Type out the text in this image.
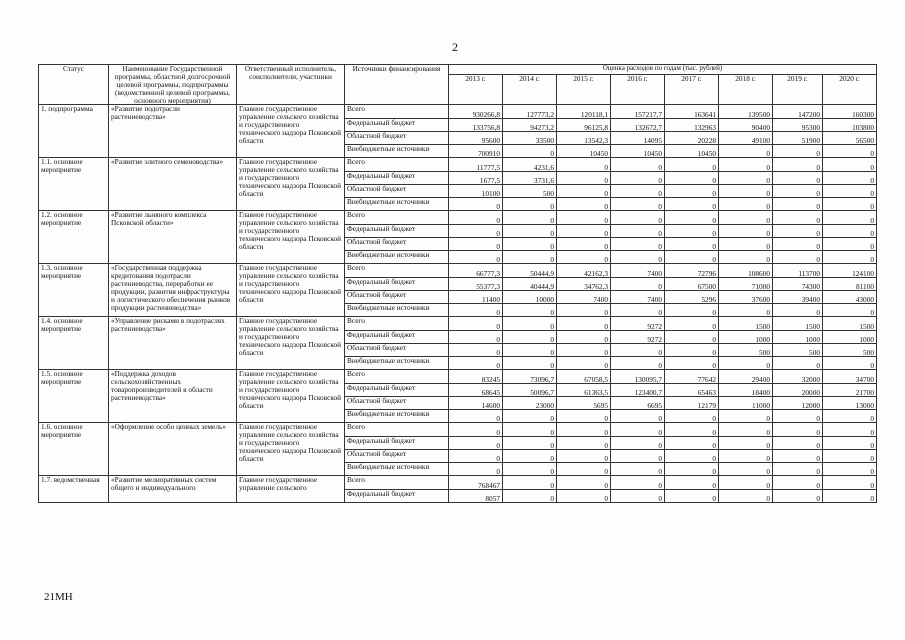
2
Статус	Наименование Государственной программы, областной долгосрочной целевой программы, подпрограммы (ведомственной целевой программы, основного мероприятия)	Ответственный исполнитель, соисполнители, участники	Источники финансирования	Оценка расходов по годам (тыс. рублей)							
				2013 г.	2014 г.	2015 г.	2016 г.	2017 г.	2018 г.	2019 г.	2020 г.
1. подпрограмма	«Развитие подотрасли растениеводства»	Главное государственное управление сельского хозяйства и государственного технического надзора Псковской области	Всего	930266,8	127773,2	120118,1	157217,7	163641	139500	147200	160300
			Федеральный бюджет	133756,8	94273,2	96125,8	132672,7	132963	90400	95300	103800
			Областной бюджет	95600	33500	13542,3	14095	20228	49100	51900	56500
			Внебюджетные источники	700910	0	10450	10450	10450	0	0	0
1.1. основное мероприятие	«Развитие элитного семеноводства»	Главное государственное управление сельского хозяйства и государственного технического надзора Псковской области	Всего	11777,5	4231,6	0	0	0	0	0	0
			Федеральный бюджет	1677,5	3731,6	0	0	0	0	0	0
			Областной бюджет	10100	500	0	0	0	0	0	0
			Внебюджетные источники	0	0	0	0	0	0	0	0
1.2. основное мероприятие	«Развитие льняного комплекса Псковской области»	Главное государственное управление сельского хозяйства и государственного технического надзора Псковской области	Всего	0	0	0	0	0	0	0	0
			Федеральный бюджет	0	0	0	0	0	0	0	0
			Областной бюджет	0	0	0	0	0	0	0	0
			Внебюджетные источники	0	0	0	0	0	0	0	0
1.3. основное мероприятие	«Государственная поддержка кредитования подотрасли растениеводства, переработки ее продукции, развития инфраструктуры и логистического обеспечения рынков продукции растениеводства»	Главное государственное управление сельского хозяйства и государственного технического надзора Псковской области	Всего	66777,3	50444,9	42162,3	7400	72796	108600	113700	124100
			Федеральный бюджет	55377,3	40444,9	34762,3	0	67500	71000	74300	81100
			Областной бюджет	11400	10000	7400	7400	5296	37600	39400	43000
			Внебюджетные источники	0	0	0	0	0	0	0	0
1.4. основное мероприятие	«Управление рисками в подотраслях растениеводства»	Главное государственное управление сельского хозяйства и государственного технического надзора Псковской области	Всего	0	0	0	9272	0	1500	1500	1500
			Федеральный бюджет	0	0	0	9272	0	1000	1000	1000
			Областной бюджет	0	0	0	0	0	500	500	500
			Внебюджетные источники	0	0	0	0	0	0	0	0
1.5. основное мероприятие	«Поддержка доходов сельскохозяйственных товаропроизводителей в области растениеводства»	Главное государственное управление сельского хозяйства и государственного технического надзора Псковской области	Всего	83245	73096,7	67058,5	130095,7	77642	29400	32000	34700
			Федеральный бюджет	68645	50096,7	61363,5	123400,7	65463	18400	20000	21700
			Областной бюджет	14600	23000	5695	6695	12179	11000	12000	13000
			Внебюджетные источники	0	0	0	0	0	0	0	0
1.6. основное мероприятие	«Оформление особо ценных земель»	Главное государственное управление сельского хозяйства и государственного технического надзора Псковской области	Всего	0	0	0	0	0	0	0	0
			Федеральный бюджет	0	0	0	0	0	0	0	0
			Областной бюджет	0	0	0	0	0	0	0	0
			Внебюджетные источники	0	0	0	0	0	0	0	0
1.7. ведомственная	«Развитие мелиоративных систем общего и индивидуального	Главное государственное управление сельского	Всего	768467	0	0	0	0	0	0	0
			Федеральный бюджет	8057	0	0	0	0	0	0	0
21MH
